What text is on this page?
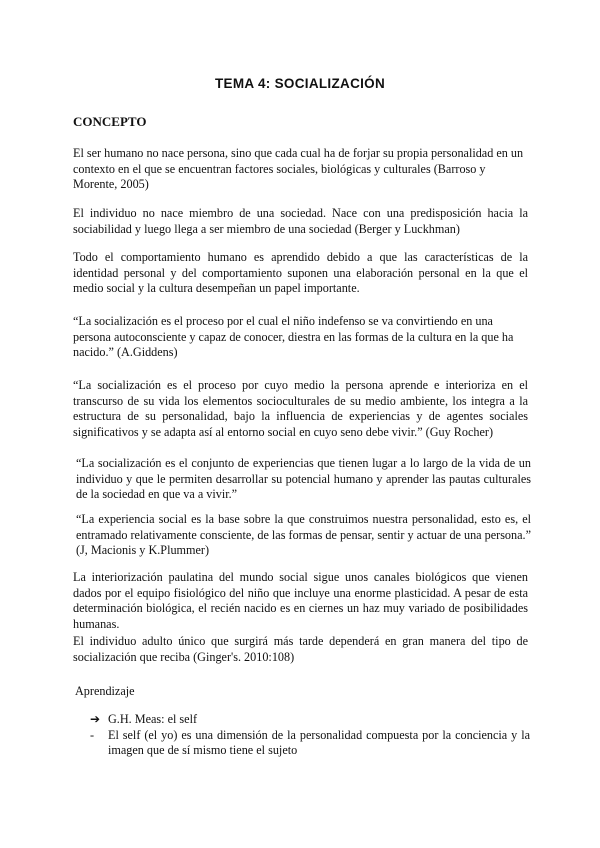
TEMA 4: SOCIALIZACIÓN
CONCEPTO

El ser humano no nace persona, sino que cada cual ha de forjar su propia personalidad en un contexto en el que se encuentran factores sociales, biológicas y culturales (Barroso y Morente, 2005)

El individuo no nace miembro de una sociedad. Nace con una predisposición hacia la sociabilidad y luego llega a ser miembro de una sociedad (Berger y Luckhman)

Todo el comportamiento humano es aprendido debido a que las características de la identidad personal y del comportamiento suponen una elaboración personal en la que el medio social y la cultura desempeñan un papel importante.

“La socialización es el proceso por el cual el niño indefenso se va convirtiendo en una persona autoconsciente y capaz de conocer, diestra en las formas de la cultura en la que ha nacido.” (A.Giddens)

“La socialización es el proceso por cuyo medio la persona aprende e interioriza en el transcurso de su vida los elementos socioculturales de su medio ambiente, los integra a la estructura de su personalidad, bajo la influencia de experiencias y de agentes sociales significativos y se adapta así al entorno social en cuyo seno debe vivir.” (Guy Rocher)

“La socialización es el conjunto de experiencias que tienen lugar a lo largo de la vida de un individuo y que le permiten desarrollar su potencial humano y aprender las pautas culturales de la sociedad en que va a vivir.”

“La experiencia social es la base sobre la que construimos nuestra personalidad, esto es, el entramado relativamente consciente, de las formas de pensar, sentir y actuar de una persona.” (J, Macionis y K.Plummer)

La interiorización paulatina del mundo social sigue unos canales biológicos que vienen dados por el equipo fisiológico del niño que incluye una enorme plasticidad. A pesar de esta determinación biológica, el recién nacido es en ciernes un haz muy variado de posibilidades humanas.

El individuo adulto único que surgirá más tarde dependerá en gran manera del tipo de socialización que reciba (Ginger's. 2010:108)

Aprendizaje
➔ G.H. Meas: el self
-	El self (el yo) es una dimensión de la personalidad compuesta por la conciencia y la imagen que de sí mismo tiene el sujeto
